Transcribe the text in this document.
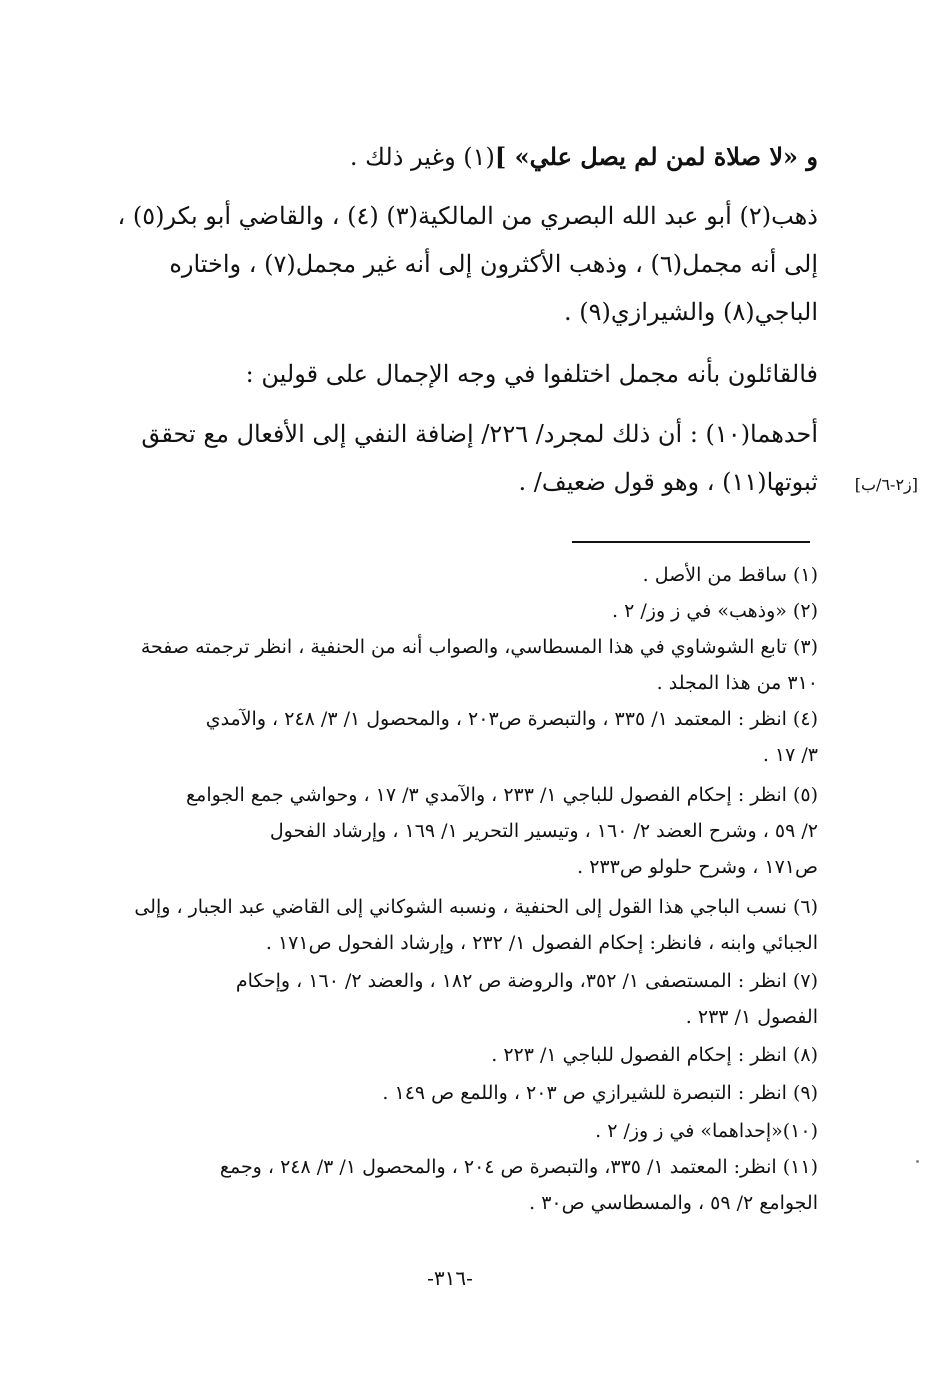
و «لا صلاة لمن لم يصل علي» ](١) وغير ذلك .
ذهب(٢) أبو عبد الله البصري من المالكية(٣) (٤) ، والقاضي أبو بكر(٥) ،
إلى أنه مجمل(٦) ، وذهب الأكثرون إلى أنه غير مجمل(٧) ، واختاره
الباجي(٨) والشيرازي(٩) .
فالقائلون بأنه مجمل اختلفوا في وجه الإجمال على قولين :
أحدهما(١٠) : أن ذلك لمجرد/ ٢٢٦/ إضافة النفي إلى الأفعال مع تحقق
ثبوتها(١١) ، وهو قول ضعيف/ . [ز٢-٦/ب]
(١) ساقط من الأصل .
(٢) «وذهب» في ز وز/ ٢ .
(٣) تابع الشوشاوي في هذا المسطاسي، والصواب أنه من الحنفية ، انظر ترجمته صفحة
٣١٠ من هذا المجلد .
(٤) انظر : المعتمد ١/ ٣٣٥ ، والتبصرة ص٢٠٣ ، والمحصول ١/ ٣/ ٢٤٨ ، والآمدي
٣/ ١٧ .
(٥) انظر : إحكام الفصول للباجي ١/ ٢٣٣ ، والآمدي ٣/ ١٧ ، وحواشي جمع الجوامع
٢/ ٥٩ ، وشرح العضد ٢/ ١٦٠ ، وتيسير التحرير ١/ ١٦٩ ، وإرشاد الفحول
ص١٧١ ، وشرح حلولو ص٢٣٣ .
(٦) نسب الباجي هذا القول إلى الحنفية ، ونسبه الشوكاني إلى القاضي عبد الجبار ، وإلى
الجبائي وابنه ، فانظر: إحكام الفصول ١/ ٢٣٢ ، وإرشاد الفحول ص١٧١ .
(٧) انظر : المستصفى ١/ ٣٥٢، والروضة ص ١٨٢ ، والعضد ٢/ ١٦٠ ، وإحكام
الفصول ١/ ٢٣٣ .
(٨) انظر : إحكام الفصول للباجي ١/ ٢٢٣ .
(٩) انظر : التبصرة للشيرازي ص ٢٠٣ ، واللمع ص ١٤٩ .
(١٠)«إحداهما» في ز وز/ ٢ .
(١١) انظر: المعتمد ١/ ٣٣٥، والتبصرة ص ٢٠٤ ، والمحصول ١/ ٣/ ٢٤٨ ، وجمع
الجوامع ٢/ ٥٩ ، والمسطاسي ص٣٠ .
-٣١٦-
